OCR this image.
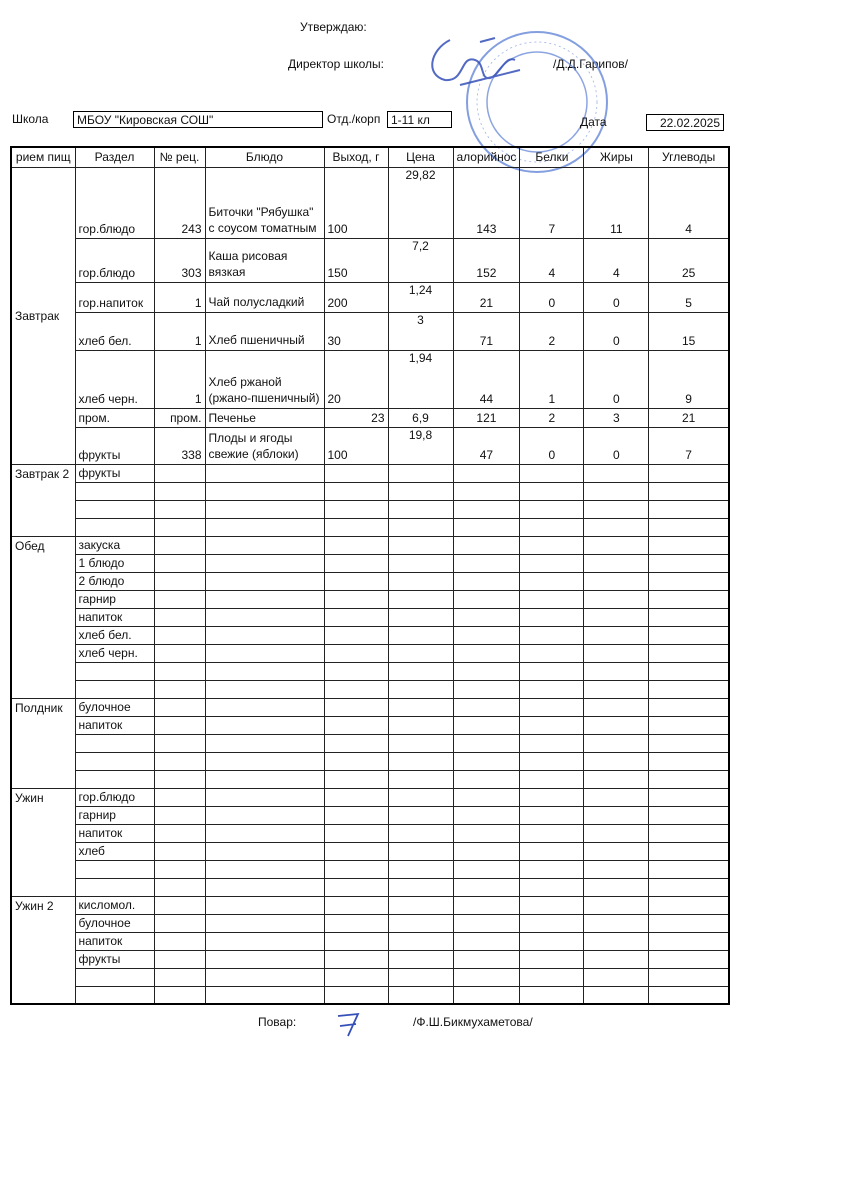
Утверждаю:
Директор школы:	/Д.Д.Гарипов/
Школа	МБОУ "Кировская СОШ"	Отд./корп 1-11 кл	Дата	22.02.2025
рием пищ	Раздел	№ рец.	Блюдо	Выход, г	Цена	алорийнос	Белки	Жиры	Углеводы
Завтрак	гор.блюдо	243	Биточки "Рябушка" с соусом томатным	100	29,82	143	7	11	4
	гор.блюдо	303	Каша рисовая вязкая	150	7,2	152	4	4	25
	гор.напиток	1	Чай полусладкий	200	1,24	21	0	0	5
	хлеб бел.	1	Хлеб пшеничный	30	3	71	2	0	15
	хлеб черн.	1	Хлеб ржаной (ржано-пшеничный)	20	1,94	44	1	0	9
	пром.	пром.	Печенье	23	6,9	121	2	3	21
	фрукты	338	Плоды и ягоды свежие (яблоки)	100	19,8	47	0	0	7
Завтрак 2	фрукты								

Обед	закуска								
	1 блюдо								
	2 блюдо								
	гарнир								
	напиток								
	хлеб бел.								
	хлеб черн.								

Полдник	булочное								
	напиток								

Ужин	гор.блюдо								
	гарнир								
	напиток								
	хлеб								

Ужин 2	кисломол.								
	булочное								
	напиток								
	фрукты								

Повар:	/Ф.Ш.Бикмухаметова/
